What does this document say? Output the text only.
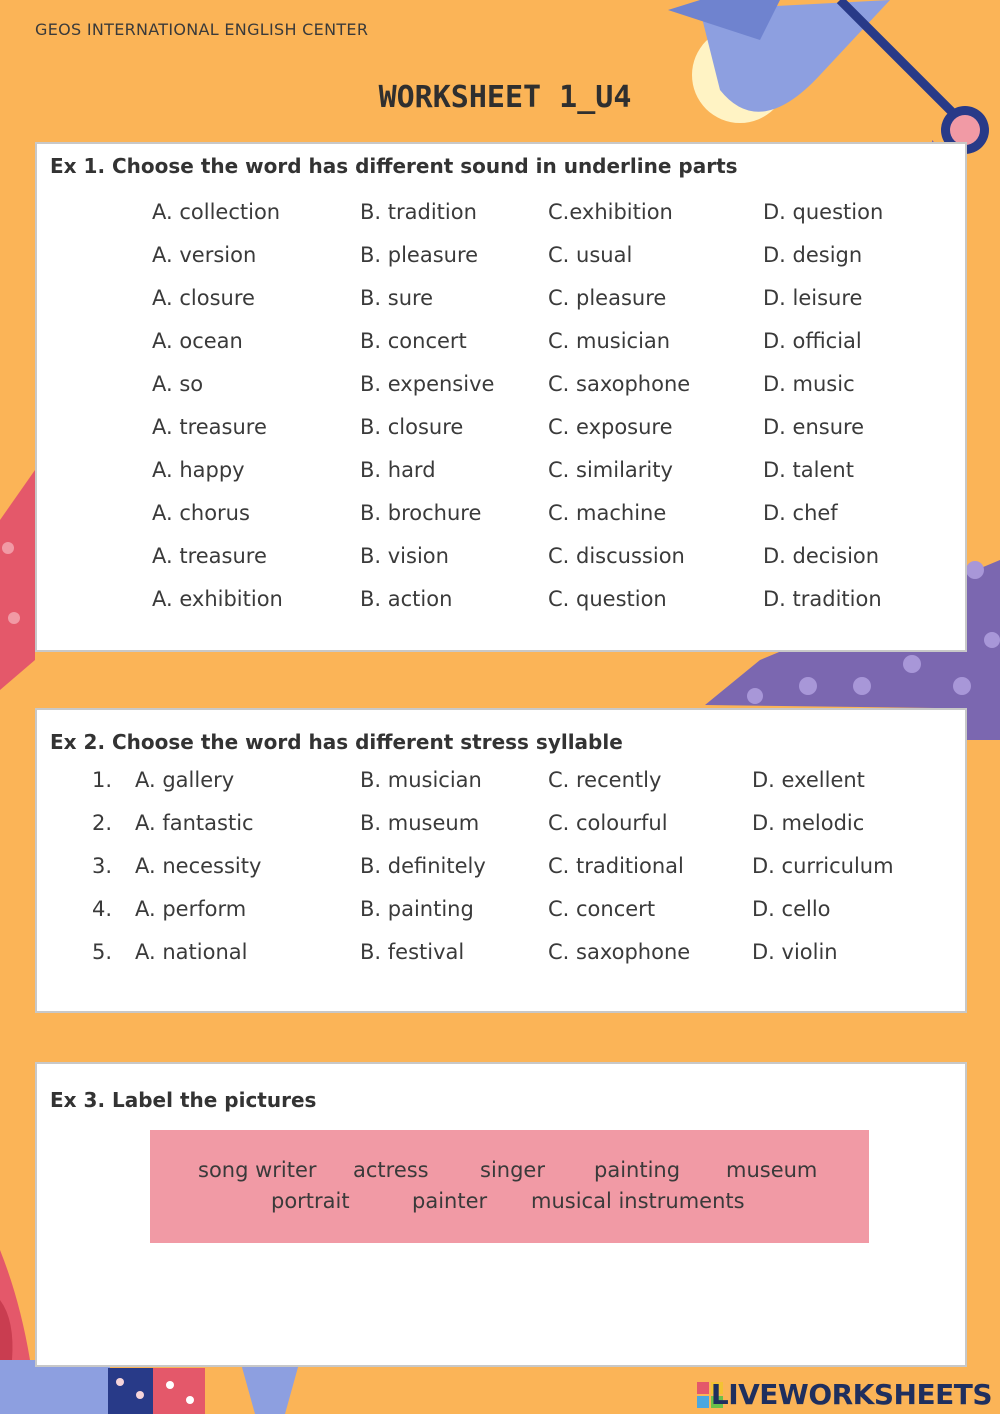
GEOS INTERNATIONAL ENGLISH CENTER
WORKSHEET 1_U4
Ex 1. Choose the word has different sound in underline parts
A. collection	B. tradition	C.exhibition	D. question
A. version	B. pleasure	C. usual	D. design
A. closure	B. sure	C. pleasure	D. leisure
A. ocean	B. concert	C. musician	D. official
A. so	B. expensive	C. saxophone	D. music
A. treasure	B. closure	C. exposure	D. ensure
A. happy	B. hard	C. similarity	D. talent
A. chorus	B. brochure	C. machine	D. chef
A. treasure	B. vision	C. discussion	D. decision
A. exhibition	B. action	C. question	D. tradition
Ex 2. Choose the word has different stress syllable
1. A. gallery	B. musician	C. recently	D. exellent
2. A. fantastic	B. museum	C. colourful	D. melodic
3. A. necessity	B. definitely	C. traditional	D. curriculum
4. A. perform	B. painting	C. concert	D. cello
5. A. national	B. festival	C. saxophone	D. violin
Ex 3. Label the pictures
song writer actress singer painting museum
portrait	painter musical instruments
LIVEWORKSHEETS
